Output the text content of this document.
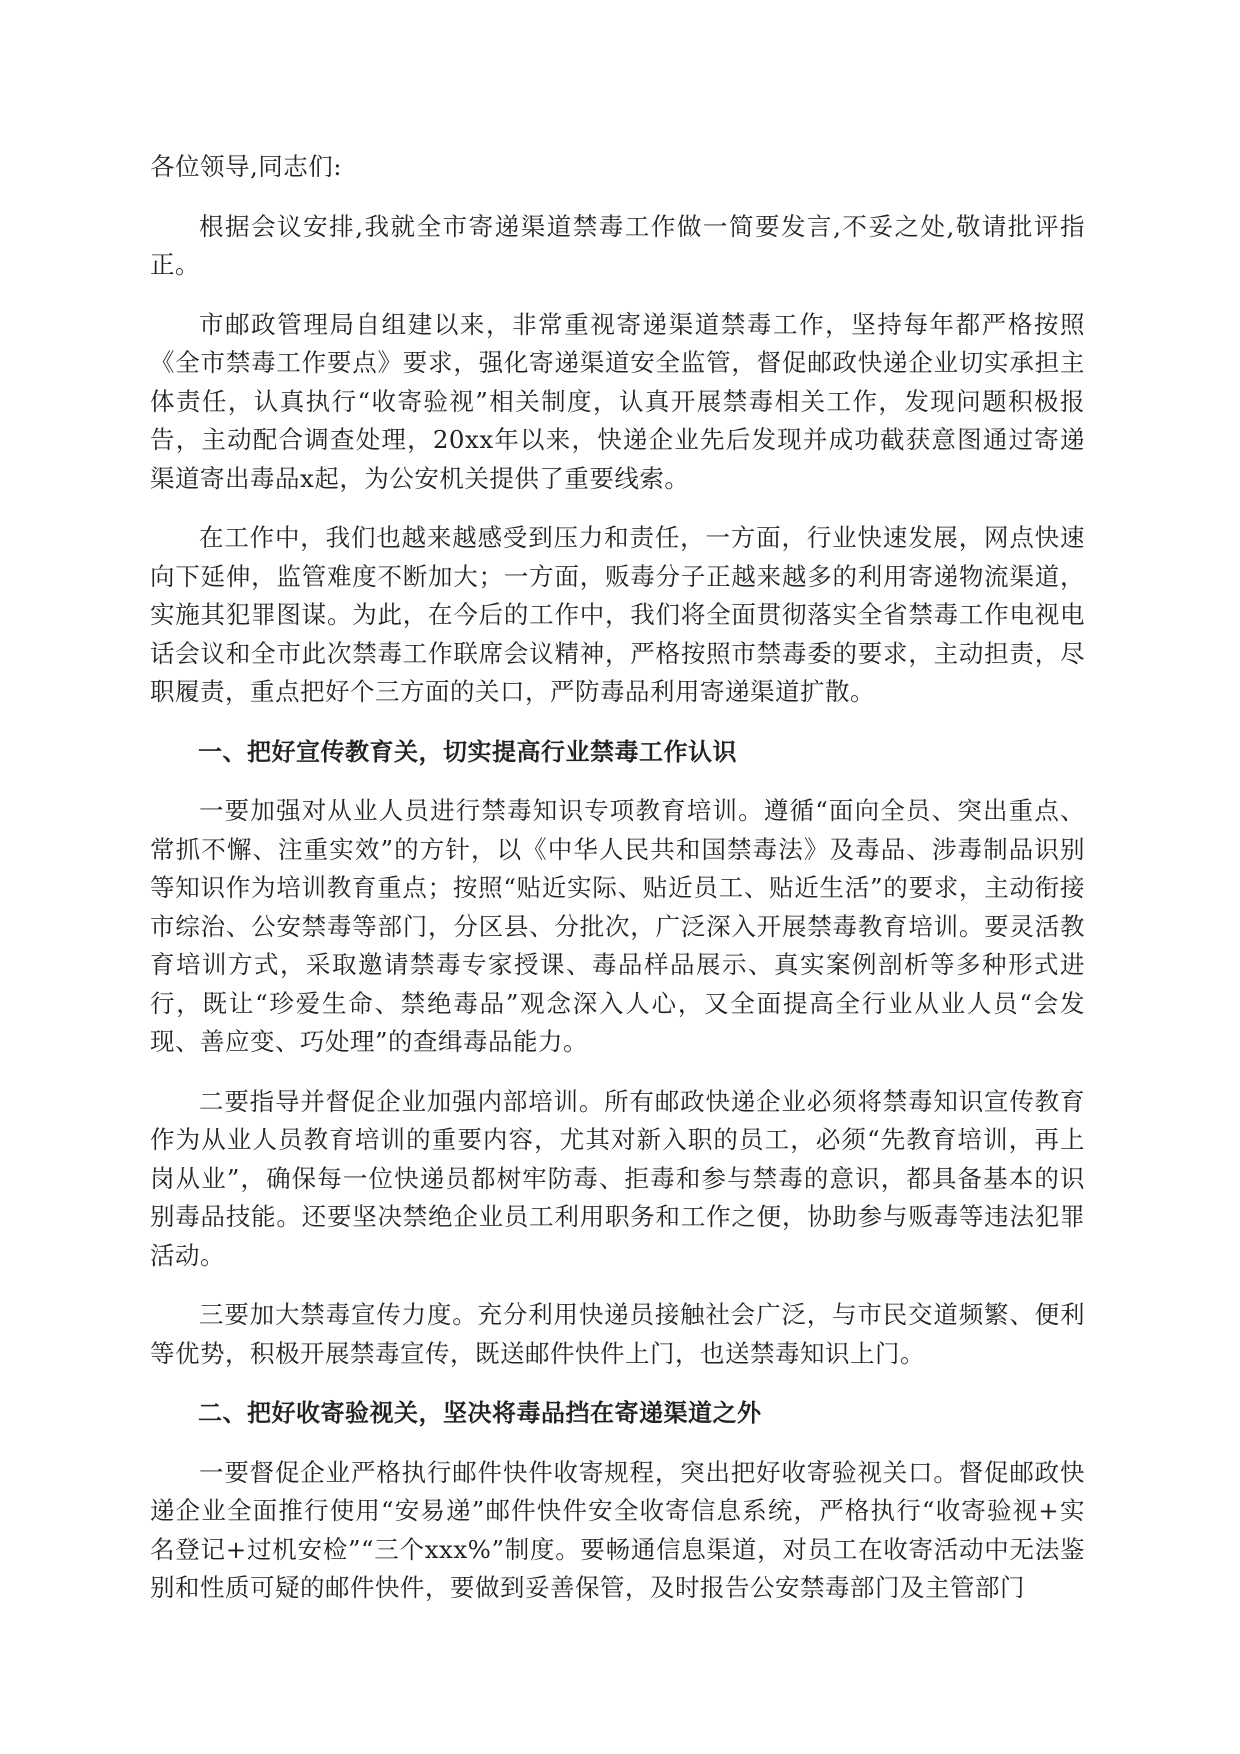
各位领导,同志们:
根据会议安排,我就全市寄递渠道禁毒工作做一简要发言,不妥之处,敬请批评指正。
市邮政管理局自组建以来，非常重视寄递渠道禁毒工作，坚持每年都严格按照《全市禁毒工作要点》要求，强化寄递渠道安全监管，督促邮政快递企业切实承担主体责任，认真执行“收寄验视”相关制度，认真开展禁毒相关工作，发现问题积极报告，主动配合调查处理，20xx年以来，快递企业先后发现并成功截获意图通过寄递渠道寄出毒品x起，为公安机关提供了重要线索。
在工作中，我们也越来越感受到压力和责任，一方面，行业快速发展，网点快速向下延伸，监管难度不断加大；一方面，贩毒分子正越来越多的利用寄递物流渠道，实施其犯罪图谋。为此，在今后的工作中，我们将全面贯彻落实全省禁毒工作电视电话会议和全市此次禁毒工作联席会议精神，严格按照市禁毒委的要求，主动担责，尽职履责，重点把好个三方面的关口，严防毒品利用寄递渠道扩散。
一、把好宣传教育关，切实提高行业禁毒工作认识
一要加强对从业人员进行禁毒知识专项教育培训。遵循“面向全员、突出重点、常抓不懈、注重实效”的方针，以《中华人民共和国禁毒法》及毒品、涉毒制品识别等知识作为培训教育重点；按照“贴近实际、贴近员工、贴近生活”的要求，主动衔接市综治、公安禁毒等部门，分区县、分批次，广泛深入开展禁毒教育培训。要灵活教育培训方式，采取邀请禁毒专家授课、毒品样品展示、真实案例剖析等多种形式进行，既让“珍爱生命、禁绝毒品”观念深入人心，又全面提高全行业从业人员“会发现、善应变、巧处理”的查缉毒品能力。
二要指导并督促企业加强内部培训。所有邮政快递企业必须将禁毒知识宣传教育作为从业人员教育培训的重要内容，尤其对新入职的员工，必须“先教育培训，再上岗从业”，确保每一位快递员都树牢防毒、拒毒和参与禁毒的意识，都具备基本的识别毒品技能。还要坚决禁绝企业员工利用职务和工作之便，协助参与贩毒等违法犯罪活动。
三要加大禁毒宣传力度。充分利用快递员接触社会广泛，与市民交道频繁、便利等优势，积极开展禁毒宣传，既送邮件快件上门，也送禁毒知识上门。
二、把好收寄验视关，坚决将毒品挡在寄递渠道之外
一要督促企业严格执行邮件快件收寄规程，突出把好收寄验视关口。督促邮政快递企业全面推行使用“安易递”邮件快件安全收寄信息系统，严格执行“收寄验视+实名登记+过机安检”“三个xxx%”制度。要畅通信息渠道，对员工在收寄活动中无法鉴别和性质可疑的邮件快件，要做到妥善保管，及时报告公安禁毒部门及主管部门
